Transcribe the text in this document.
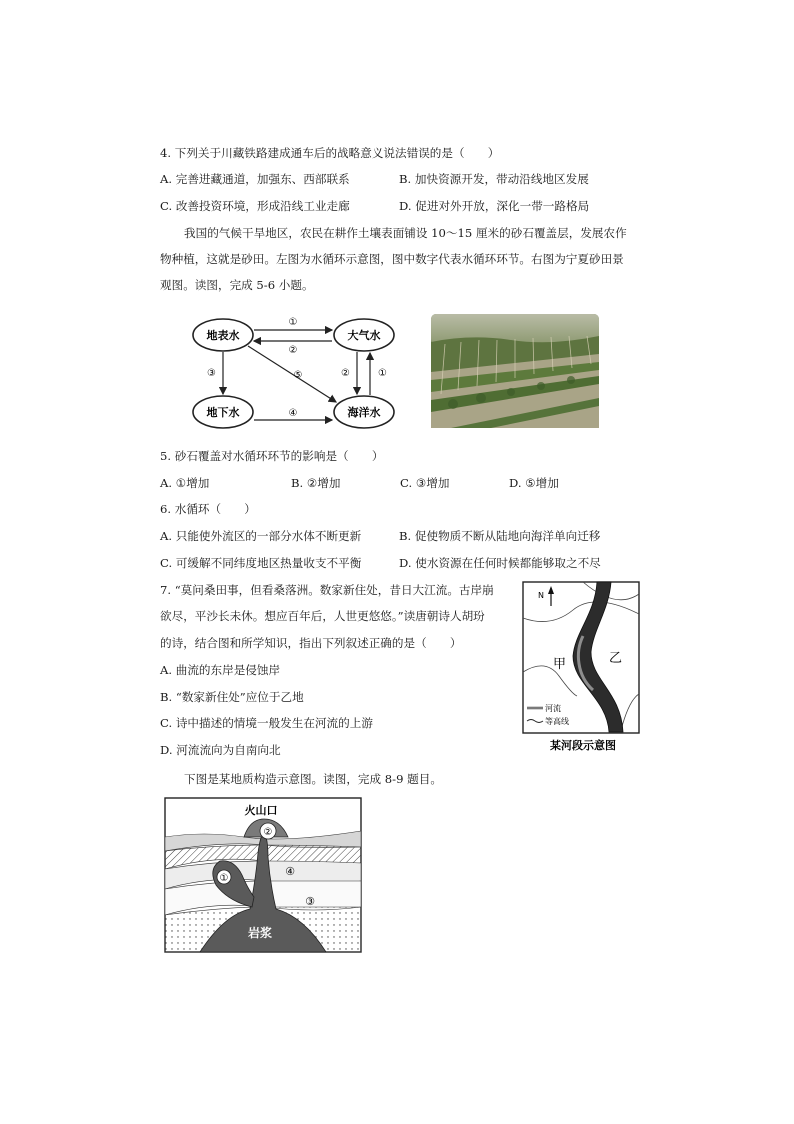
4. 下列关于川藏铁路建成通车后的战略意义说法错误的是（　　）
A. 完善进藏通道，加强东、西部联系	B. 加快资源开发，带动沿线地区发展
C. 改善投资环境，形成沿线工业走廊	D. 促进对外开放，深化一带一路格局
我国的气候干旱地区，农民在耕作土壤表面铺设 10～15 厘米的砂石覆盖层，发展农作
物种植，这就是砂田。左图为水循环示意图，图中数字代表水循环环节。右图为宁夏砂田景
观图。读图，完成 5-6 小题。
地表水	大气水
地下水	海洋水
①
②
③	⑤
④
②	①
5. 砂石覆盖对水循环环节的影响是（　　）
A. ①增加	B. ②增加	C. ③增加	D. ⑤增加
6. 水循环（　　）
A. 只能使外流区的一部分水体不断更新	B. 促使物质不断从陆地向海洋单向迁移
C. 可缓解不同纬度地区热量收支不平衡	D. 使水资源在任何时候都能够取之不尽
7. “莫问桑田事，但看桑落洲。数家新住处，昔日大江流。古岸崩
欲尽，平沙长未休。想应百年后，人世更悠悠。”读唐朝诗人胡玢
的诗，结合图和所学知识，指出下列叙述正确的是（　　）
A. 曲流的东岸是侵蚀岸
B. “数家新住处”应位于乙地
C. 诗中描述的情境一般发生在河流的上游
D. 河流流向为自南向北
N
甲	乙
河流
等高线
某河段示意图
下图是某地质构造示意图。读图，完成 8-9 题目。
火山口
②
④
①
③
岩浆
